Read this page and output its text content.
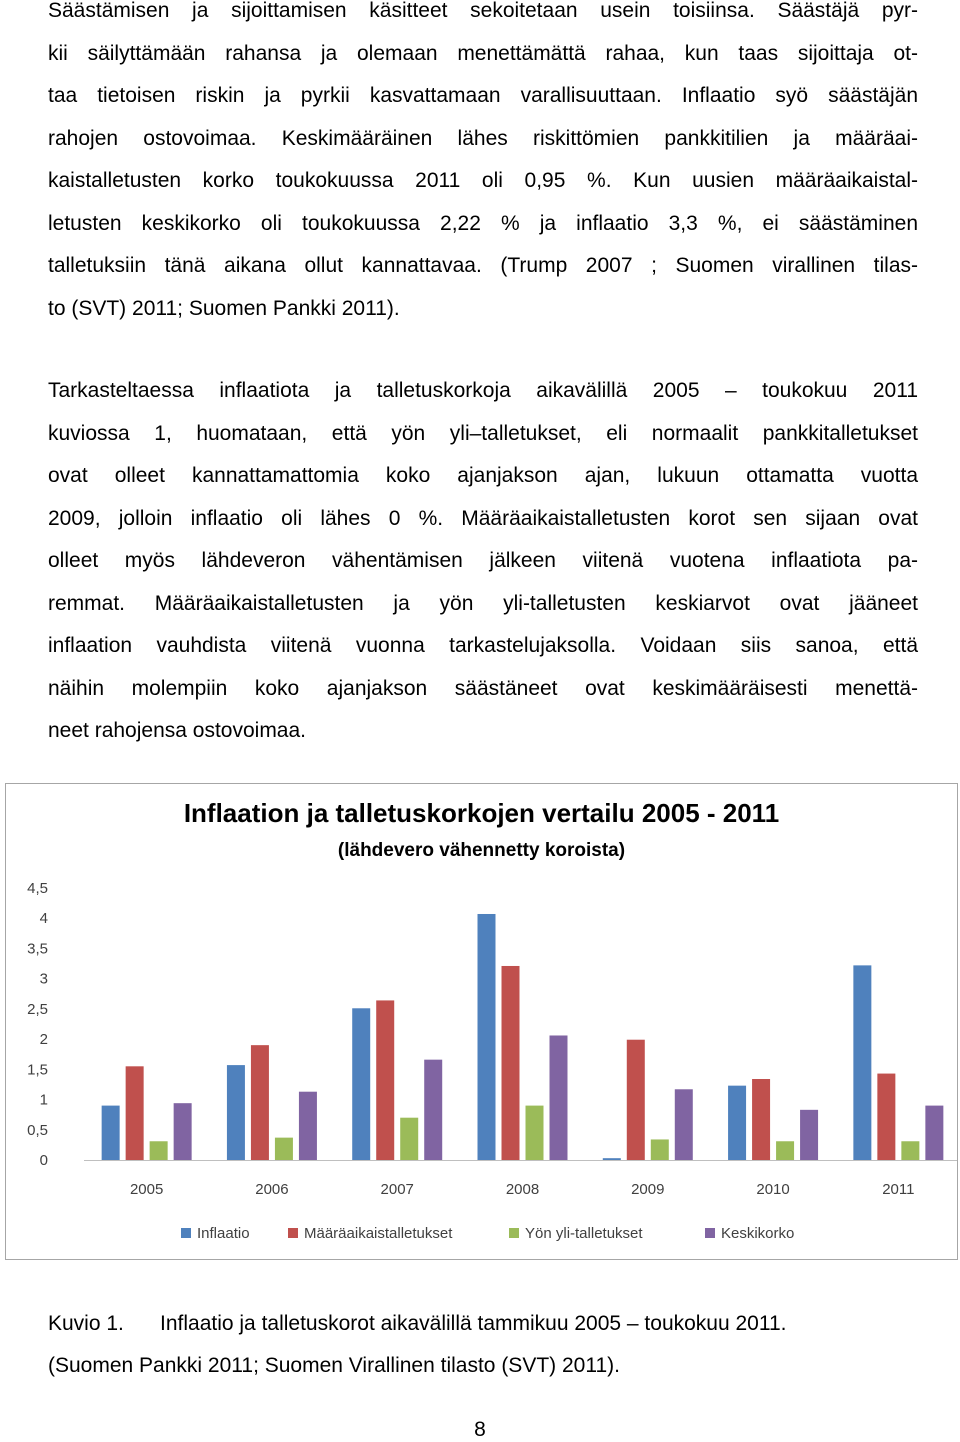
Säästämisen ja sijoittamisen käsitteet sekoitetaan usein toisiinsa. Säästäjä pyr-
kii säilyttämään rahansa ja olemaan menettämättä rahaa, kun taas sijoittaja ot-
taa tietoisen riskin ja pyrkii kasvattamaan varallisuuttaan. Inflaatio syö säästäjän
rahojen ostovoimaa. Keskimääräinen lähes riskittömien pankkitilien ja määräai-
kaistalletusten korko toukokuussa 2011 oli 0,95 %. Kun uusien määräaikaistal-
letusten keskikorko oli toukokuussa 2,22 % ja inflaatio 3,3 %, ei säästäminen
talletuksiin tänä aikana ollut kannattavaa. (Trump 2007 ; Suomen virallinen tilas-
to (SVT) 2011; Suomen Pankki 2011).
Tarkasteltaessa inflaatiota ja talletuskorkoja aikavälillä 2005 – toukokuu 2011
kuviossa 1, huomataan, että yön yli–talletukset, eli normaalit pankkitalletukset
ovat olleet kannattamattomia koko ajanjakson ajan, lukuun ottamatta vuotta
2009, jolloin inflaatio oli lähes 0 %. Määräaikaistalletusten korot sen sijaan ovat
olleet myös lähdeveron vähentämisen jälkeen viitenä vuotena inflaatiota pa-
remmat. Määräaikaistalletusten ja yön yli-talletusten keskiarvot ovat jääneet
inflaation vauhdista viitenä vuonna tarkastelujaksolla. Voidaan siis sanoa, että
näihin molempiin koko ajanjakson säästäneet ovat keskimääräisesti menettä-
neet rahojensa ostovoimaa.
Inflaation ja talletuskorkojen vertailu 2005 - 2011
(lähdevero vähennetty koroista)
0
0,5
1
1,5
2
2,5
3
3,5
4
4,5
2005	2006	2007	2008	2009	2010	2011
Inflaatio	Määräaikaistalletukset	Yön yli-talletukset	Keskikorko
Kuvio 1. Inflaatio ja talletuskorot aikavälillä tammikuu 2005 – toukokuu 2011.
(Suomen Pankki 2011; Suomen Virallinen tilasto (SVT) 2011).
8
